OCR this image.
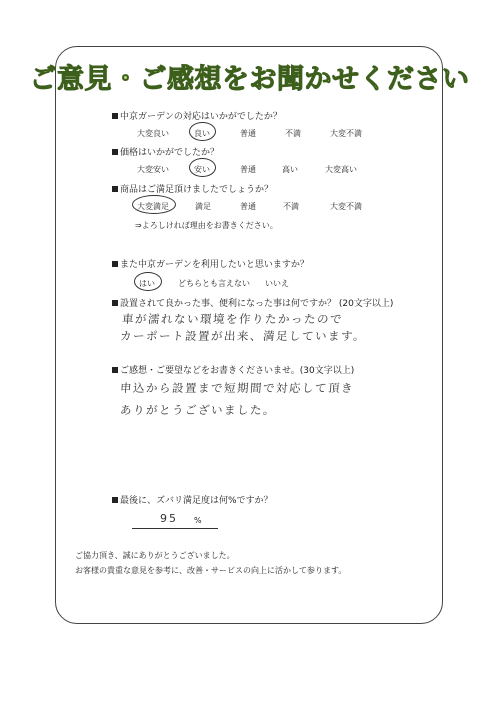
ご意見・ご感想をお聞かせください
中京ガーデンの対応はいかがでしたか？
大変良い	良い	普通	不満	大変不満
価格はいかがでしたか？
大変安い	安い	普通	高い	大変高い
商品はご満足頂けましたでしょうか？
大変満足	満足	普通	不満	大変不満
⇒よろしければ理由をお書きください。
また中京ガーデンを利用したいと思いますか？
はい	どちらとも言えない いいえ
設置されて良かった事、便利になった事は何ですか？ (20文字以上)
車が濡れない環境を作りたかったので
カーポート設置が出来、満足しています。
ご感想・ご要望などをお書きくださいませ。(30文字以上)
申込から設置まで短期間で対応して頂き
ありがとうございました。
最後に、ズバリ満足度は何%ですか？
95 %
ご協力頂き、誠にありがとうございました。
お客様の貴重な意見を参考に、改善・サービスの向上に活かして参ります。
